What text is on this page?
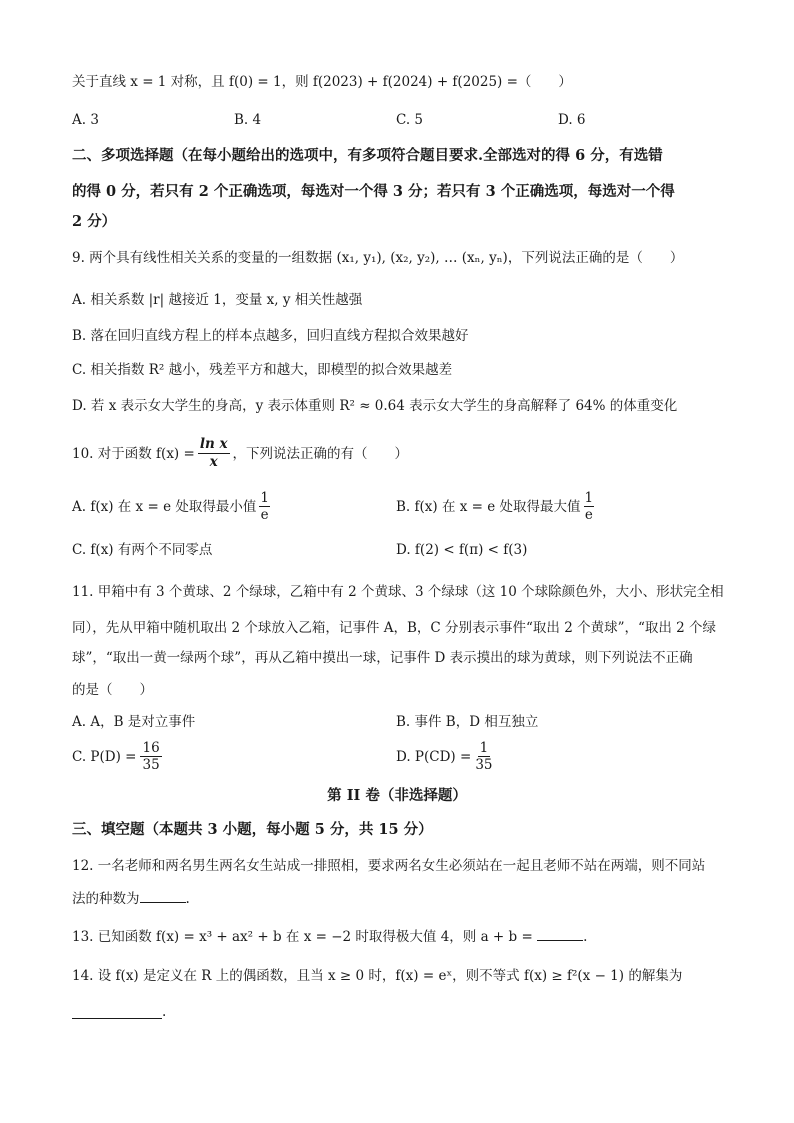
关于直线 x = 1 对称，且 f(0) = 1，则 f(2023) + f(2024) + f(2025) =（　　）
A. 3	B. 4	C. 5	D. 6
二、多项选择题（在每小题给出的选项中，有多项符合题目要求.全部选对的得 6 分，有选错
的得 0 分，若只有 2 个正确选项，每选对一个得 3 分；若只有 3 个正确选项，每选对一个得
2 分）
9. 两个具有线性相关关系的变量的一组数据 (x₁, y₁), (x₂, y₂), … (xₙ, yₙ)，下列说法正确的是（　　）
A. 相关系数 |r| 越接近 1，变量 x, y 相关性越强
B. 落在回归直线方程上的样本点越多，回归直线方程拟合效果越好
C. 相关指数 R² 越小，残差平方和越大，即模型的拟合效果越差
D. 若 x 表示女大学生的身高，y 表示体重则 R² ≈ 0.64 表示女大学生的身高解释了 64% 的体重变化
10. 对于函数 $f(x) = \frac{\text{ln x}}{x}$ ，下列说法正确的有（　　）
A. f(x) 在 x = e 处取得最小值 $\frac{1}{e}$	B. f(x) 在 x = e 处取得最大值 $\frac{1}{e}$
C. f(x) 有两个不同零点	D. f(2) < f(π) < f(3)
11. 甲箱中有 3 个黄球、2 个绿球，乙箱中有 2 个黄球、3 个绿球（这 10 个球除颜色外，大小、形状完全相
同），先从甲箱中随机取出 2 个球放入乙箱，记事件 A，B，C 分别表示事件“取出 2 个黄球”，“取出 2 个绿
球”，“取出一黄一绿两个球”，再从乙箱中摸出一球，记事件 D 表示摸出的球为黄球，则下列说法不正确
的是（　　）
A. A，B 是对立事件	B. 事件 B，D 相互独立
C. $P(D) = \frac{16}{35}$	D. $P(CD) = \frac{1}{35}$
第 II 卷（非选择题）
三、填空题（本题共 3 小题，每小题 5 分，共 15 分）
12. 一名老师和两名男生两名女生站成一排照相，要求两名女生必须站在一起且老师不站在两端，则不同站
法的种数为	.
13. 已知函数 f(x) = x³ + ax² + b 在 x = −2 时取得极大值 4，则 a + b =	.
14. 设 f(x) 是定义在 R 上的偶函数，且当 x ≥ 0 时，f(x) = eˣ，则不等式 f(x) ≥ f²(x − 1) 的解集为
.
